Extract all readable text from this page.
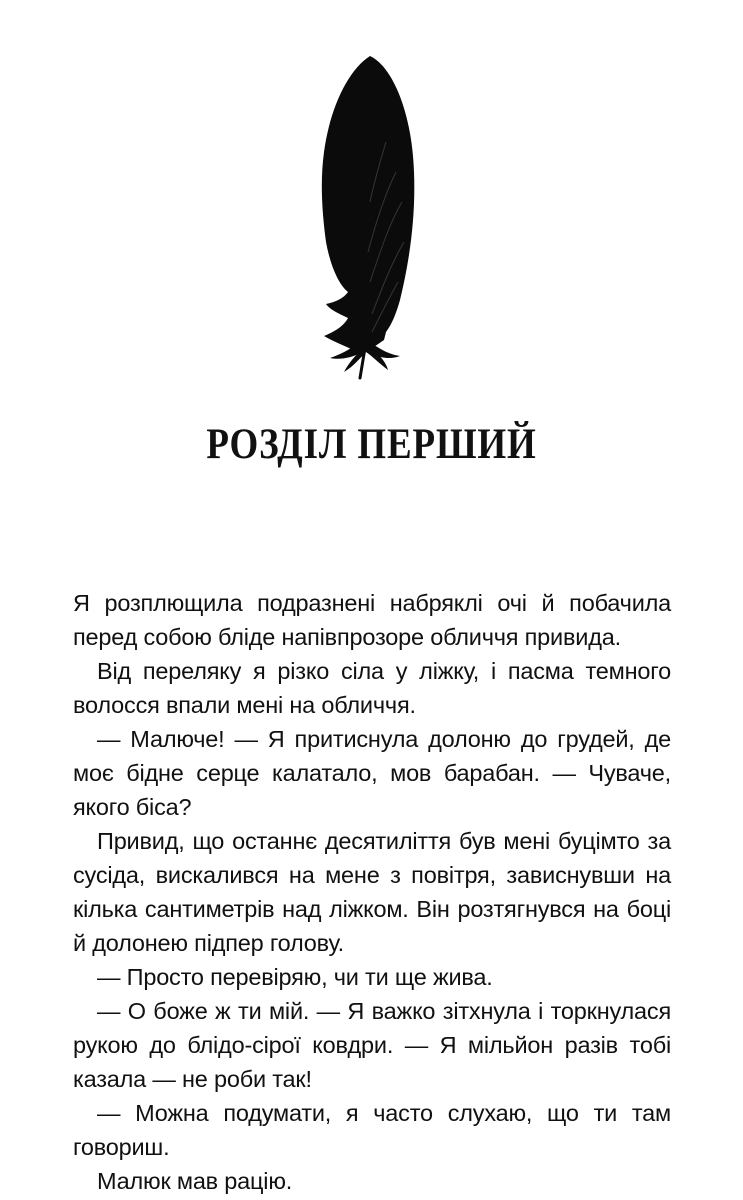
РОЗДІЛ ПЕРШИЙ

Я розплющила подразнені набряклі очі й побачила перед собою бліде напівпрозоре обличчя привида.

Від переляку я різко сіла у ліжку, і пасма темного волосся впали мені на обличчя.

— Малюче! — Я притиснула долоню до грудей, де моє бідне серце калатало, мов барабан. — Чуваче, якого біса?

Привид, що останнє десятиліття був мені буцімто за сусіда, вискалився на мене з повітря, зависнувши на кілька сантиметрів над ліжком. Він розтягнувся на боці й долонею підпер голову.

— Просто перевіряю, чи ти ще жива.

— О боже ж ти мій. — Я важко зітхнула і торкнулася рукою до блідо-сірої ковдри. — Я мільйон разів тобі казала — не роби так!

— Можна подумати, я часто слухаю, що ти там говориш.

Малюк мав рацію.
